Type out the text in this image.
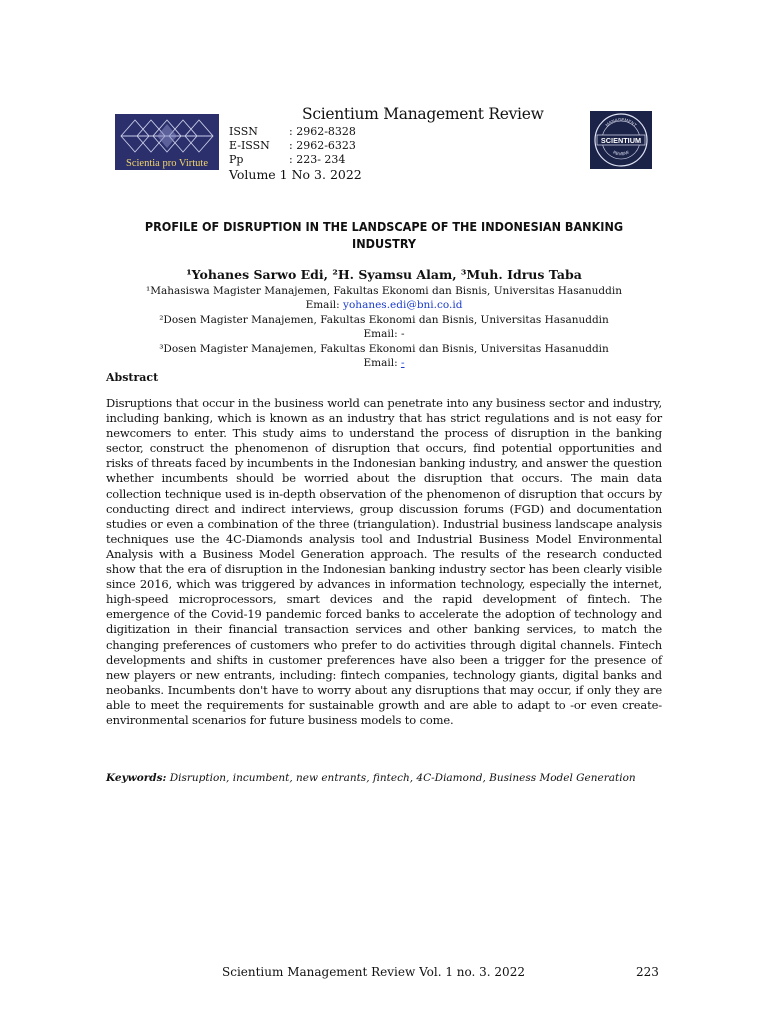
Scientia pro Virtute
Scientium Management Review
ISSN	: 2962-8328
E-ISSN	: 2962-6323
Pp	: 223- 234
Volume 1 No 3. 2022
MANAGEMENT
SCIENTIUM
REVIEW
PROFILE OF DISRUPTION IN THE LANDSCAPE OF THE INDONESIAN BANKING
INDUSTRY
¹Yohanes Sarwo Edi, ²H. Syamsu Alam, ³Muh. Idrus Taba
¹Mahasiswa Magister Manajemen, Fakultas Ekonomi dan Bisnis, Universitas Hasanuddin
Email: yohanes.edi@bni.co.id
²Dosen Magister Manajemen, Fakultas Ekonomi dan Bisnis, Universitas Hasanuddin
Email: -
³Dosen Magister Manajemen, Fakultas Ekonomi dan Bisnis, Universitas Hasanuddin
Email: -
Abstract
Disruptions that occur in the business world can penetrate into any business sector and industry, including banking, which is known as an industry that has strict regulations and is not easy for newcomers to enter. This study aims to understand the process of disruption in the banking sector, construct the phenomenon of disruption that occurs, find potential opportunities and risks of threats faced by incumbents in the Indonesian banking industry, and answer the question whether incumbents should be worried about the disruption that occurs. The main data collection technique used is in-depth observation of the phenomenon of disruption that occurs by conducting direct and indirect interviews, group discussion forums (FGD) and documentation studies or even a combination of the three (triangulation). Industrial business landscape analysis techniques use the 4C-Diamonds analysis tool and Industrial Business Model Environmental Analysis with a Business Model Generation approach. The results of the research conducted show that the era of disruption in the Indonesian banking industry sector has been clearly visible since 2016, which was triggered by advances in information technology, especially the internet, high-speed microprocessors, smart devices and the rapid development of fintech. The emergence of the Covid-19 pandemic forced banks to accelerate the adoption of technology and digitization in their financial transaction services and other banking services, to match the changing preferences of customers who prefer to do activities through digital channels. Fintech developments and shifts in customer preferences have also been a trigger for the presence of new players or new entrants, including: fintech companies, technology giants, digital banks and neobanks. Incumbents don't have to worry about any disruptions that may occur, if only they are able to meet the requirements for sustainable growth and are able to adapt to -or even create-environmental scenarios for future business models to come.
Keywords: Disruption, incumbent, new entrants, fintech, 4C-Diamond, Business Model Generation
Scientium Management Review Vol. 1 no. 3. 2022	223
